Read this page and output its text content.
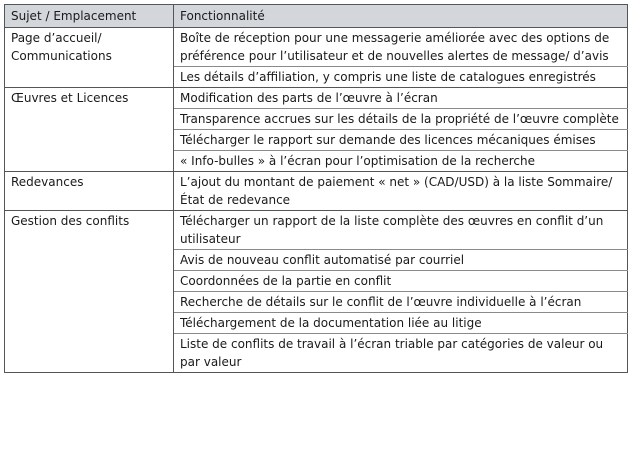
Sujet / Emplacement	Fonctionnalité
Page d’accueil/ Communications	Boîte de réception pour une messagerie améliorée avec des options de préférence pour l’utilisateur et de nouvelles alertes de message/ d’avis
	Les détails d’affiliation, y compris une liste de catalogues enregistrés
Œuvres et Licences	Modification des parts de l’œuvre à l’écran
	Transparence accrues sur les détails de la propriété de l’œuvre complète
	Télécharger le rapport sur demande des licences mécaniques émises
	« Info-bulles » à l’écran pour l’optimisation de la recherche
Redevances	L’ajout du montant de paiement « net » (CAD/USD) à la liste Sommaire/État de redevance
Gestion des conflits	Télécharger un rapport de la liste complète des œuvres en conflit d’un utilisateur
	Avis de nouveau conflit automatisé par courriel
	Coordonnées de la partie en conflit
	Recherche de détails sur le conflit de l’œuvre individuelle à l’écran
	Téléchargement de la documentation liée au litige
	Liste de conflits de travail à l’écran triable par catégories de valeur ou par valeur
